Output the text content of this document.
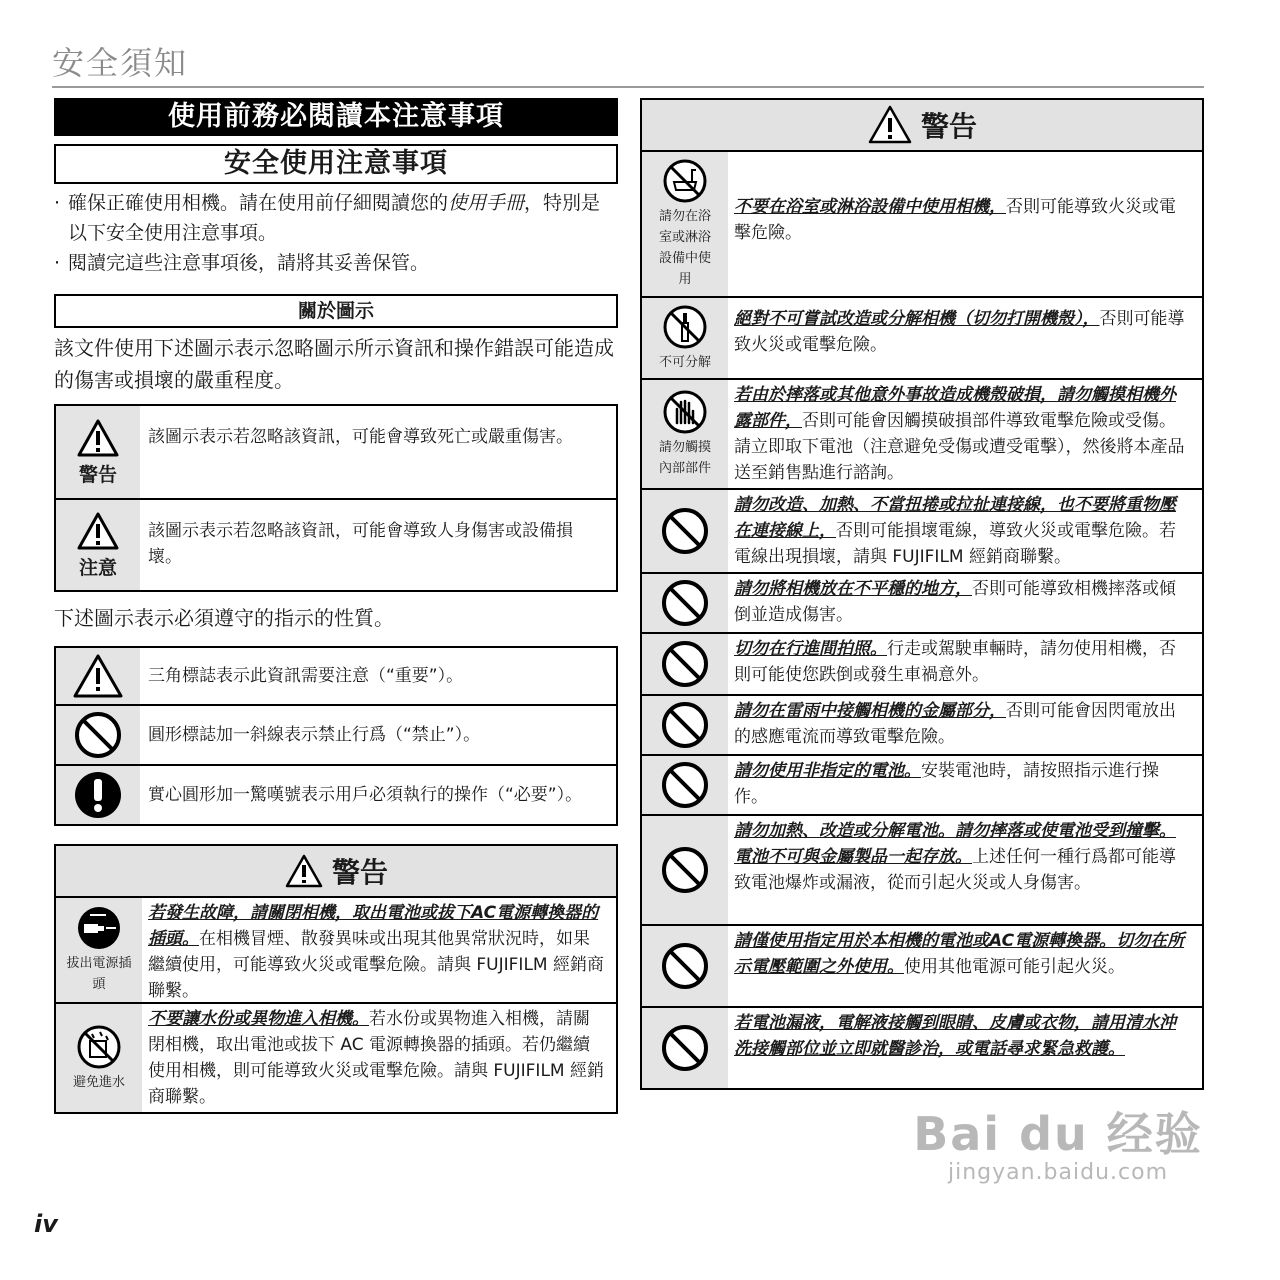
安全須知
使用前務必閱讀本注意事項
安全使用注意事項
· 確保正確使用相機。請在使用前仔細閱讀您的使用手冊，特別是以下安全使用注意事項。
· 閱讀完這些注意事項後，請將其妥善保管。
關於圖示
該文件使用下述圖示表示忽略圖示所示資訊和操作錯誤可能造成的傷害或損壞的嚴重程度。
警告
該圖示表示若忽略該資訊，可能會導致死亡或嚴重傷害。
注意
該圖示表示若忽略該資訊，可能會導致人身傷害或設備損壞。
下述圖示表示必須遵守的指示的性質。
三角標誌表示此資訊需要注意（“重要”）。
圓形標誌加一斜線表示禁止行爲（“禁止”）。
實心圓形加一驚嘆號表示用戶必須執行的操作（“必要”）。
警告
拔出電源插頭
若發生故障，請關閉相機，取出電池或拔下AC電源轉換器的插頭。在相機冒煙、散發異味或出現其他異常狀況時，如果繼續使用，可能導致火災或電擊危險。請與 FUJIFILM 經銷商聯繫。
避免進水
不要讓水份或異物進入相機。若水份或異物進入相機，請關閉相機，取出電池或拔下 AC 電源轉換器的插頭。若仍繼續使用相機，則可能導致火災或電擊危險。請與 FUJIFILM 經銷商聯繫。
警告
請勿在浴室或淋浴設備中使用
不要在浴室或淋浴設備中使用相機，否則可能導致火災或電擊危險。
不可分解
絕對不可嘗試改造或分解相機（切勿打開機殼），否則可能導致火災或電擊危險。
請勿觸摸內部部件
若由於摔落或其他意外事故造成機殼破損，請勿觸摸相機外露部件，否則可能會因觸摸破損部件導致電擊危險或受傷。請立即取下電池（注意避免受傷或遭受電擊），然後將本產品送至銷售點進行諮詢。
請勿改造、加熱、不當扭捲或拉扯連接線，也不要將重物壓在連接線上，否則可能損壞電線，導致火災或電擊危險。若電線出現損壞，請與 FUJIFILM 經銷商聯繫。
請勿將相機放在不平穩的地方，否則可能導致相機摔落或傾倒並造成傷害。
切勿在行進間拍照。行走或駕駛車輛時，請勿使用相機，否則可能使您跌倒或發生車禍意外。
請勿在雷雨中接觸相機的金屬部分，否則可能會因閃電放出的感應電流而導致電擊危險。
請勿使用非指定的電池。安裝電池時，請按照指示進行操作。
請勿加熱、改造或分解電池。請勿摔落或使電池受到撞擊。電池不可與金屬製品一起存放。上述任何一種行爲都可能導致電池爆炸或漏液，從而引起火災或人身傷害。
請僅使用指定用於本相機的電池或AC電源轉換器。切勿在所示電壓範圍之外使用。使用其他電源可能引起火災。
若電池漏液，電解液接觸到眼睛、皮膚或衣物，請用清水沖洗接觸部位並立即就醫診治，或電話尋求緊急救護。
Bai du 经验
jingyan.baidu.com
iv
